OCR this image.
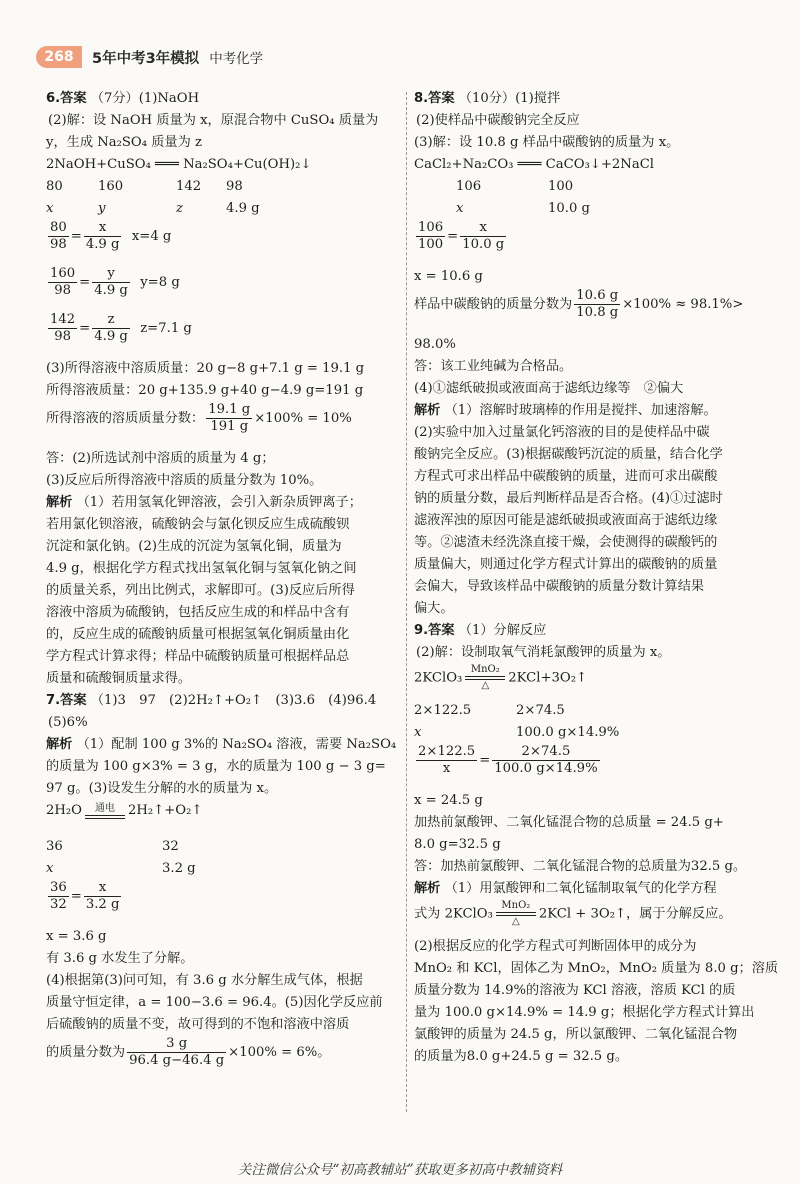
268	5年中考3年模拟 中考化学
6.答案 （7分）(1)NaOH
(2)解：设 NaOH 质量为 x，原混合物中 CuSO₄ 质量为
y，生成 Na₂SO₄ 质量为 z
2NaOH+CuSO₄ ═══ Na₂SO₄+Cu(OH)₂↓
80	160	142 98
x	y	z	4.9 g
$\frac{80}{98} = \frac{x}{4.9 g} x=4$ g
$\frac{160}{98} = \frac{y}{4.9 g} y=8$ g
$\frac{142}{98} = \frac{z}{4.9 g} z=7.1$ g
(3)所得溶液中溶质质量：20 g−8 g+7.1 g = 19.1 g
所得溶液质量：20 g+135.9 g+40 g−4.9 g=191 g
所得溶液的溶质质量分数： $\frac{19.1 g}{191 g} \times 100\% = 10\%$
答：(2)所选试剂中溶质的质量为 4 g；
(3)反应后所得溶液中溶质的质量分数为 10%。
解析 （1）若用氢氧化钾溶液，会引入新杂质钾离子；
若用氯化钡溶液，硫酸钠会与氯化钡反应生成硫酸钡
沉淀和氯化钠。(2)生成的沉淀为氢氧化铜，质量为
4.9 g，根据化学方程式找出氢氧化铜与氢氧化钠之间
的质量关系，列出比例式，求解即可。(3)反应后所得
溶液中溶质为硫酸钠，包括反应生成的和样品中含有
的，反应生成的硫酸钠质量可根据氢氧化铜质量由化
学方程式计算求得；样品中硫酸钠质量可根据样品总
质量和硫酸铜质量求得。
7.答案 （1)3　97　(2)2H₂↑+O₂↑　(3)3.6　(4)96.4
(5)6%
解析 （1）配制 100 g 3%的 Na₂SO₄ 溶液，需要 Na₂SO₄
的质量为 100 g×3% = 3 g，水的质量为 100 g − 3 g=
97 g。(3)设发生分解的水的质量为 x。
2H₂O	通电 2H₂↑+O₂↑
36	32
x	3.2 g
$\frac{36}{32} = \frac{x}{3.2 g}$
x = 3.6 g
有 3.6 g 水发生了分解。
(4)根据第(3)问可知，有 3.6 g 水分解生成气体，根据
质量守恒定律，a = 100−3.6 = 96.4。(5)因化学反应前
后硫酸钠的质量不变，故可得到的不饱和溶液中溶质
的质量分数为 $\frac{3 g}{96.4 g-46.4 g} \times 100\% = 6\%$。
8.答案 （10分）(1)搅拌
(2)使样品中碳酸钠完全反应
(3)解：设 10.8 g 样品中碳酸钠的质量为 x。
CaCl₂+Na₂CO₃ ═══ CaCO₃↓+2NaCl
106	100
x	10.0 g
$\frac{106}{100} = \frac{x}{10.0 g}$
x = 10.6 g
样品中碳酸钠的质量分数为 $\frac{10.6 g}{10.8 g} \times 100\% \approx 98.1\%>$
98.0%
答：该工业纯碱为合格品。
(4)①滤纸破损或液面高于滤纸边缘等　②偏大
解析 （1）溶解时玻璃棒的作用是搅拌、加速溶解。
(2)实验中加入过量氯化钙溶液的目的是使样品中碳
酸钠完全反应。(3)根据碳酸钙沉淀的质量，结合化学
方程式可求出样品中碳酸钠的质量，进而可求出碳酸
钠的质量分数，最后判断样品是否合格。(4)①过滤时
滤液浑浊的原因可能是滤纸破损或液面高于滤纸边缘
等。②滤渣未经洗涤直接干燥，会使测得的碳酸钙的
质量偏大，则通过化学方程式计算出的碳酸钠的质量
会偏大，导致该样品中碳酸钠的质量分数计算结果
偏大。
9.答案 （1）分解反应
(2)解：设制取氧气消耗氯酸钾的质量为 x。
2KClO₃
MnO₂
△	2KCl+3O₂↑
2×122.5	2×74.5
x	100.0 g×14.9%
$\frac{2\times 122.5}{x} = \frac{2\times 74.5}{100.0 g\times 14.9\%}$
x = 24.5 g
加热前氯酸钾、二氧化锰混合物的总质量 = 24.5 g+
8.0 g=32.5 g
答：加热前氯酸钾、二氧化锰混合物的总质量为32.5 g。
解析 （1）用氯酸钾和二氧化锰制取氧气的化学方程
式为 2KClO₃
MnO₂
△	2KCl + 3O₂↑，属于分解反应。
(2)根据反应的化学方程式可判断固体甲的成分为
MnO₂ 和 KCl，固体乙为 MnO₂，MnO₂ 质量为 8.0 g；溶质
质量分数为 14.9%的溶液为 KCl 溶液，溶质 KCl 的质
量为 100.0 g×14.9% = 14.9 g；根据化学方程式计算出
氯酸钾的质量为 24.5 g，所以氯酸钾、二氧化锰混合物
的质量为8.0 g+24.5 g = 32.5 g。
关注微信公众号“初高教辅站”获取更多初高中教辅资料
